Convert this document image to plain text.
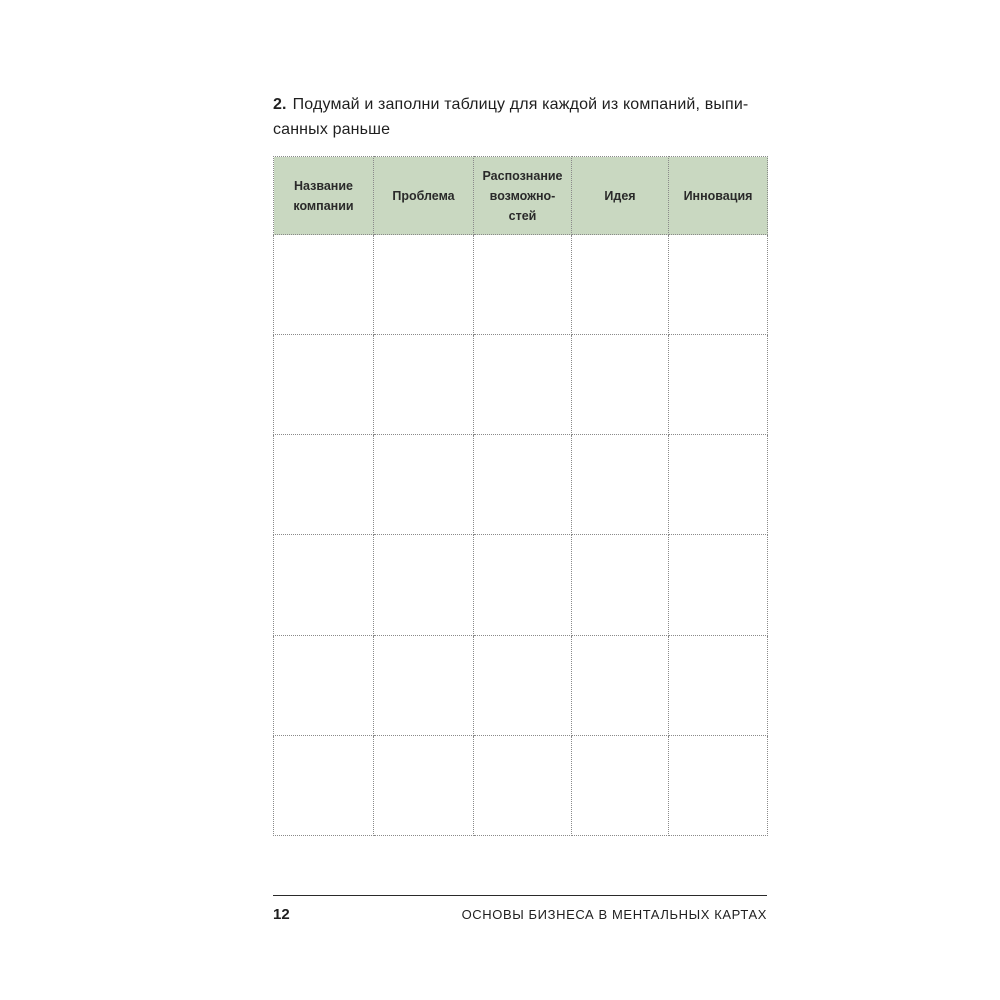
2. Подумай и заполни таблицу для каждой из компаний, выпи-
санных раньше
Название
компании	Проблема	Распознание
возможно-
стей	Идея	Инновация

12	ОСНОВЫ БИЗНЕСА В МЕНТАЛЬНЫХ КАРТАХ
